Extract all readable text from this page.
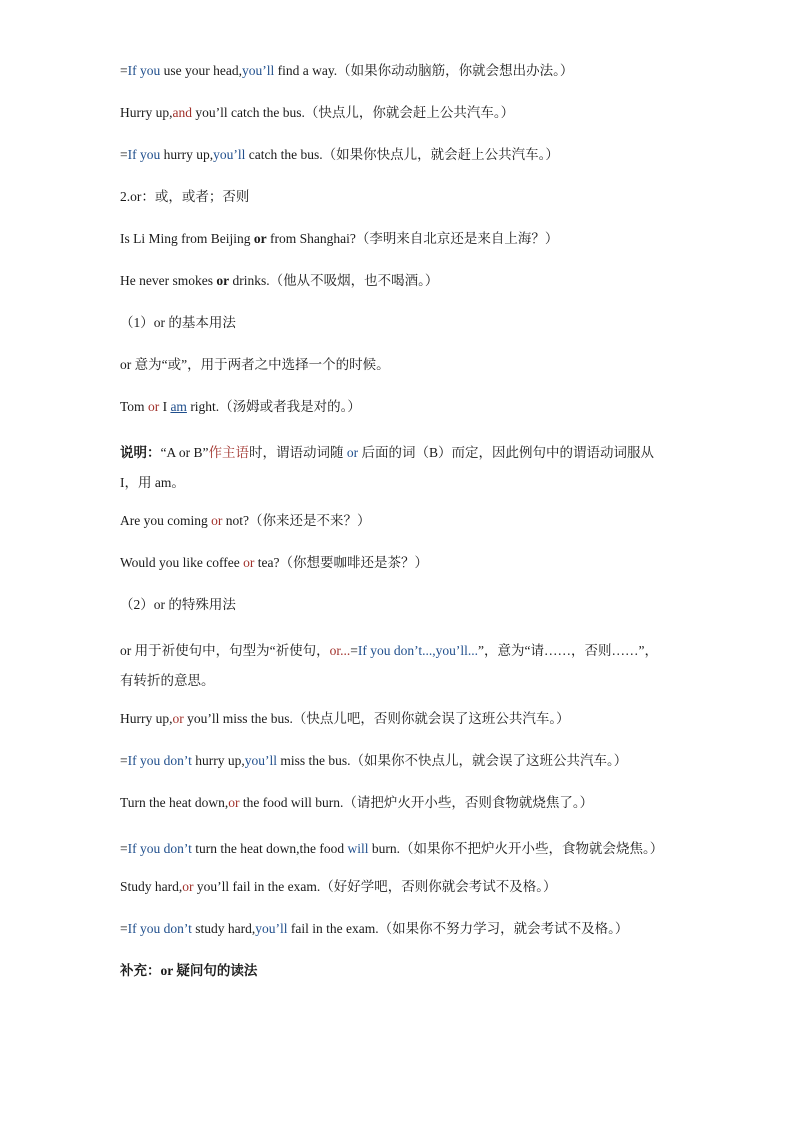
=If you use your head,you’ll find a way.（如果你动动脑筋，你就会想出办法。）

Hurry up,and you’ll catch the bus.（快点儿，你就会赶上公共汽车。）

=If you hurry up,you’ll catch the bus.（如果你快点儿，就会赶上公共汽车。）

2.or：或，或者；否则

Is Li Ming from Beijing or from Shanghai?（李明来自北京还是来自上海？）

He never smokes or drinks.（他从不吸烟，也不喝酒。）

（1）or 的基本用法

or 意为“或”，用于两者之中选择一个的时候。

Tom or I am right.（汤姆或者我是对的。）

说明：“A or B”作主语时，谓语动词随 or 后面的词（B）而定，因此例句中的谓语动词服从 I，用 am。

Are you coming or not?（你来还是不来？）

Would you like coffee or tea?（你想要咖啡还是茶？）

（2）or 的特殊用法

or 用于祈使句中，句型为“祈使句，or...=If you don’t...,you’ll...”，意为“请……，否则……”，有转折的意思。

Hurry up,or you’ll miss the bus.（快点儿吧，否则你就会误了这班公共汽车。）

=If you don’t hurry up,you’ll miss the bus.（如果你不快点儿，就会误了这班公共汽车。）

Turn the heat down,or the food will burn.（请把炉火开小些，否则食物就烧焦了。）

=If you don’t turn the heat down,the food will burn.（如果你不把炉火开小些，食物就会烧焦。）

Study hard,or you’ll fail in the exam.（好好学吧，否则你就会考试不及格。）

=If you don’t study hard,you’ll fail in the exam.（如果你不努力学习，就会考试不及格。）

补充：or 疑问句的读法
